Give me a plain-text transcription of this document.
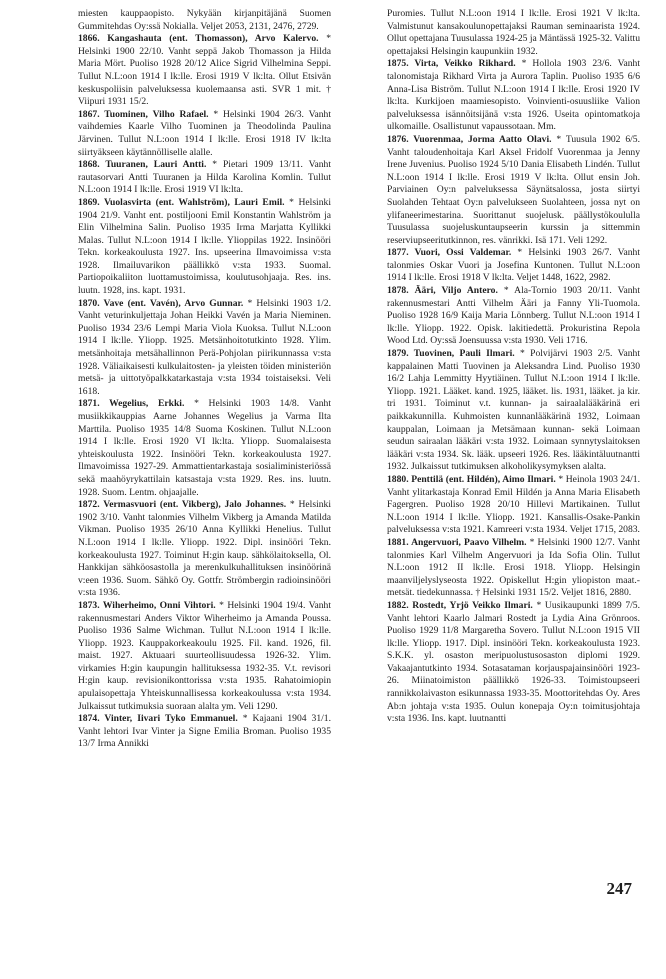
miesten kauppaopisto. Nykyään kirjanpitäjänä Suomen Gummitehdas Oy:ssä Nokialla. Veljet 2053, 2131, 2476, 2729.

1866. Kangashauta (ent. Thomasson), Arvo Kalervo. * Helsinki 1900 22/10. Vanht seppä Jakob Thomasson ja Hilda Maria Mört. Puoliso 1928 20/12 Alice Sigrid Vilhelmina Seppi. Tullut N.L:oon 1914 I lk:lle. Erosi 1919 V lk:lta. Ollut Etsivän keskuspoliisin palveluksessa kuolemaansa asti. SVR 1 mit. † Viipuri 1931 15/2.

1867. Tuominen, Vilho Rafael. * Helsinki 1904 26/3. Vanht vaihdemies Kaarle Vilho Tuominen ja Theodolinda Paulina Järvinen. Tullut N.L:oon 1914 I lk:lle. Erosi 1918 IV lk:lta siirtyäkseen käytännölliselle alalle.

1868. Tuuranen, Lauri Antti. * Pietari 1909 13/11. Vanht rautasorvari Antti Tuuranen ja Hilda Karolina Komlin. Tullut N.L:oon 1914 I lk:lle. Erosi 1919 VI lk:lta.

1869. Vuolasvirta (ent. Wahlström), Lauri Emil. * Helsinki 1904 21/9. Vanht ent. postiljooni Emil Konstantin Wahlström ja Elin Vilhelmina Salin. Puoliso 1935 Irma Marjatta Kyllikki Malas. Tullut N.L:oon 1914 I lk:lle. Ylioppilas 1922. Insinööri Tekn. korkeakoulusta 1927. Ins. upseerina Ilmavoimissa v:sta 1928. Ilmailuvarikon päällikkö v:sta 1933. Suomal. Partiopoikaliiton luottamustoimissa, koulutusohjaaja. Res. ins. luutn. 1928, ins. kapt. 1931.

1870. Vave (ent. Vavén), Arvo Gunnar. * Helsinki 1903 1/2. Vanht veturinkuljettaja Johan Heikki Vavén ja Maria Nieminen. Puoliso 1934 23/6 Lempi Maria Viola Kuoksa. Tullut N.L:oon 1914 I lk:lle. Yliopp. 1925. Metsänhoitotutkinto 1928. Ylim. metsänhoitaja metsähallinnon Perä-Pohjolan piirikunnassa v:sta 1928. Väliaikaisesti kulkulaitosten- ja yleisten töiden ministeriön metsä- ja uittotyöpalkkatarkastaja v:sta 1934 toistaiseksi. Veli 1618.

1871. Wegelius, Erkki. * Helsinki 1903 14/8. Vanht musiikkikauppias Aarne Johannes Wegelius ja Varma Ilta Marttila. Puoliso 1935 14/8 Suoma Koskinen. Tullut N.L:oon 1914 I lk:lle. Erosi 1920 VI lk:lta. Yliopp. Suomalaisesta yhteiskoulusta 1922. Insinööri Tekn. korkeakoulusta 1927. Ilmavoimissa 1927-29. Ammattientarkastaja sosialiministeriössä sekä maahöyrykattilain katsastaja v:sta 1929. Res. ins. luutn. 1928. Suom. Lentm. ohjaajalle.

1872. Vermasvuori (ent. Vikberg), Jalo Johannes. * Helsinki 1902 3/10. Vanht talonmies Vilhelm Vikberg ja Amanda Matilda Vikman. Puoliso 1935 26/10 Anna Kyllikki Henelius. Tullut N.L:oon 1914 I lk:lle. Yliopp. 1922. Dipl. insinööri Tekn. korkeakoulusta 1927. Toiminut H:gin kaup. sähkölaitoksella, Ol. Hankkijan sähköosastolla ja merenkulkuhallituksen insinöörinä v:een 1936. Suom. Sähkö Oy. Gottfr. Strömbergin radioinsinööri v:sta 1936.

1873. Wiherheimo, Onni Vihtori. * Helsinki 1904 19/4. Vanht rakennusmestari Anders Viktor Wiherheimo ja Amanda Poussa. Puoliso 1936 Salme Wichman. Tullut N.L:oon 1914 I lk:lle. Yliopp. 1923. Kauppakorkeakoulu 1925. Fil. kand. 1926, fil. maist. 1927. Aktuaari suurteollisuudessa 1926-32. Ylim. virkamies H:gin kaupungin hallituksessa 1932-35. V.t. revisori H:gin kaup. revisionikonttorissa v:sta 1935. Rahatoimiopin apulaisopettaja Yhteiskunnallisessa korkeakoulussa v:sta 1934. Julkaissut tutkimuksia suoraan alalta ym. Veli 1290.

1874. Vinter, Iivari Tyko Emmanuel. * Kajaani 1904 31/1. Vanht lehtori Ivar Vinter ja Signe Emilia Broman. Puoliso 1935 13/7 Irma Annikki

Puromies. Tullut N.L:oon 1914 I lk:lle. Erosi 1921 V lk:lta. Valmistunut kansakoulunopettajaksi Rauman seminaarista 1924. Ollut opettajana Tuusulassa 1924-25 ja Mäntässä 1925-32. Valittu opettajaksi Helsingin kaupunkiin 1932.

1875. Virta, Veikko Rikhard. * Hollola 1903 23/6. Vanht talonomistaja Rikhard Virta ja Aurora Taplin. Puoliso 1935 6/6 Anna-Lisa Biström. Tullut N.L:oon 1914 I lk:lle. Erosi 1920 IV lk:lta. Kurkijoen maamiesopisto. Voinvienti-osuusliike Valion palveluksessa isännöitsijänä v:sta 1926. Useita opintomatkoja ulkomaille. Osallistunut vapaussotaan. Mm.

1876. Vuorenmaa, Jorma Aatto Olavi. * Tuusula 1902 6/5. Vanht taloudenhoitaja Karl Aksel Fridolf Vuorenmaa ja Jenny Irene Juvenius. Puoliso 1924 5/10 Dania Elisabeth Lindén. Tullut N.L:oon 1914 I lk:lle. Erosi 1919 V lk:lta. Ollut ensin Joh. Parviainen Oy:n palveluksessa Säynätsalossa, josta siirtyi Suolahden Tehtaat Oy:n palvelukseen Suolahteen, jossa nyt on ylifaneerimestarina. Suorittanut suojelusk. päällystökoululla Tuusulassa suojeluskuntaupseerin kurssin ja sittemmin reserviupseeritutkinnon, res. vänrikki. Isä 171. Veli 1292.

1877. Vuori, Ossi Valdemar. * Helsinki 1903 26/7. Vanht talonmies Oskar Vuori ja Josefina Kuntonen. Tullut N.L:oon 1914 I lk:lle. Erosi 1918 V lk:lta. Veljet 1448, 1622, 2982.

1878. Ääri, Viljo Antero. * Ala-Tornio 1903 20/11. Vanht rakennusmestari Antti Vilhelm Ääri ja Fanny Yli-Tuomola. Puoliso 1928 16/9 Kaija Maria Lönnberg. Tullut N.L:oon 1914 I lk:lle. Yliopp. 1922. Opisk. lakitiedettä. Prokuristina Repola Wood Ltd. Oy:ssä Joensuussa v:sta 1930. Veli 1716.

1879. Tuovinen, Pauli Ilmari. * Polvijärvi 1903 2/5. Vanht kappalainen Matti Tuovinen ja Aleksandra Lind. Puoliso 1930 16/2 Lahja Lemmitty Hyytiäinen. Tullut N.L:oon 1914 I lk:lle. Yliopp. 1921. Lääket. kand. 1925, lääket. lis. 1931, lääket. ja kir. tri 1931. Toiminut v.t. kunnan- ja sairaalalääkärinä eri paikkakunnilla. Kuhmoisten kunnanlääkärinä 1932, Loimaan kauppalan, Loimaan ja Metsämaan kunnan- sekä Loimaan seudun sairaalan lääkäri v:sta 1932. Loimaan synnytyslaitoksen lääkäri v:sta 1934. Sk. lääk. upseeri 1926. Res. lääkintäluutnantti 1932. Julkaissut tutkimuksen alkoholikysymyksen alalta.

1880. Penttilä (ent. Hildén), Aimo Ilmari. * Heinola 1903 24/1. Vanht ylitarkastaja Konrad Emil Hildén ja Anna Maria Elisabeth Fagergren. Puoliso 1928 20/10 Hillevi Martikainen. Tullut N.L:oon 1914 I lk:lle. Yliopp. 1921. Kansallis-Osake-Pankin palveluksessa v:sta 1921. Kamreeri v:sta 1934. Veljet 1715, 2083.

1881. Angervuori, Paavo Vilhelm. * Helsinki 1900 12/7. Vanht talonmies Karl Vilhelm Angervuori ja Ida Sofia Olin. Tullut N.L:oon 1912 II lk:lle. Erosi 1918. Yliopp. Helsingin maanviljelyslyseosta 1922. Opiskellut H:gin yliopiston maat.- metsät. tiedekunnassa. † Helsinki 1931 15/2. Veljet 1816, 2880.

1882. Rostedt, Yrjö Veikko Ilmari. * Uusikaupunki 1899 7/5. Vanht lehtori Kaarlo Jalmari Rostedt ja Lydia Aina Grönroos. Puoliso 1929 11/8 Margaretha Sovero. Tullut N.L:oon 1915 VII lk:lle. Yliopp. 1917. Dipl. insinööri Tekn. korkeakoulusta 1923. S.K.K. yl. osaston meripuolustusosaston diplomi 1929. Vakaajantutkinto 1934. Sotasataman korjauspajainsinööri 1923-26. Miinatoimiston päällikkö 1926-33. Toimistoupseeri rannikkolaivaston esikunnassa 1933-35. Moottoritehdas Oy. Ares Ab:n johtaja v:sta 1935. Oulun konepaja Oy:n toimitusjohtaja v:sta 1936. Ins. kapt. luutnantti

247
